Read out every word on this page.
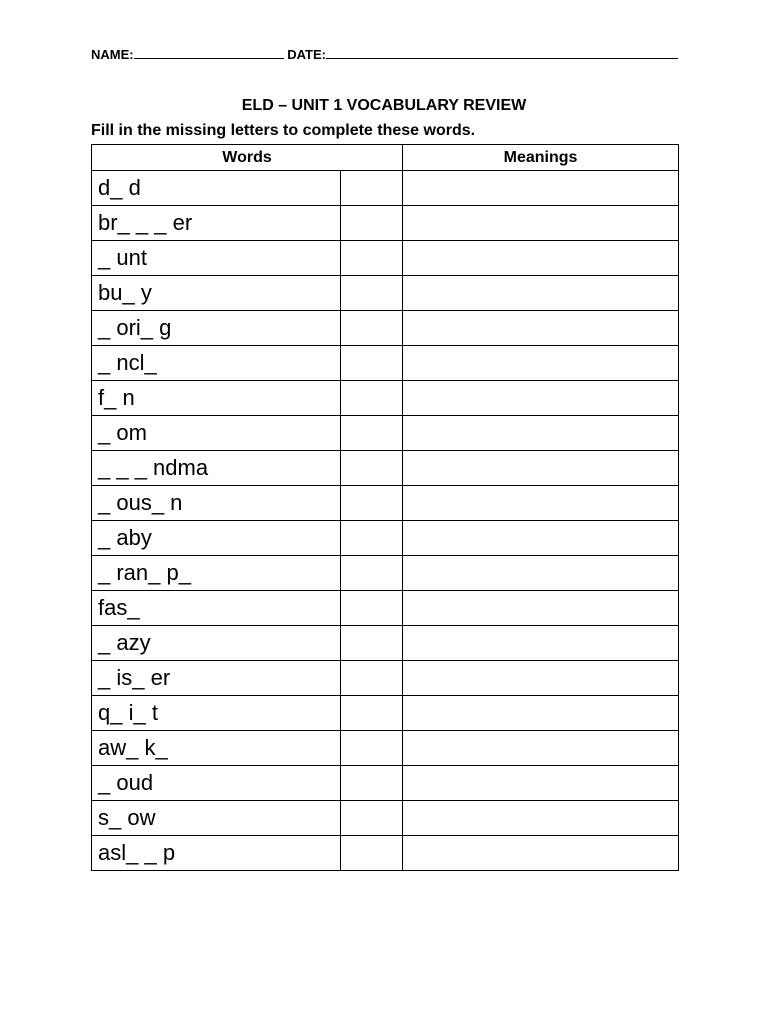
NAME:	DATE:
ELD – UNIT 1 VOCABULARY REVIEW
Fill in the missing letters to complete these words.
Words		Meanings
d_ d		
br_ _ _ er		
_ unt		
bu_ y		
_ ori_ g		
_ ncl_		
f_ n		
_ om		
_ _ _ ndma		
_ ous_ n		
_ aby		
_ ran_ p_		
fas_		
_ azy		
_ is_ er		
q_ i_ t		
aw_ k_		
_ oud		
s_ ow		
asl_ _ p		
